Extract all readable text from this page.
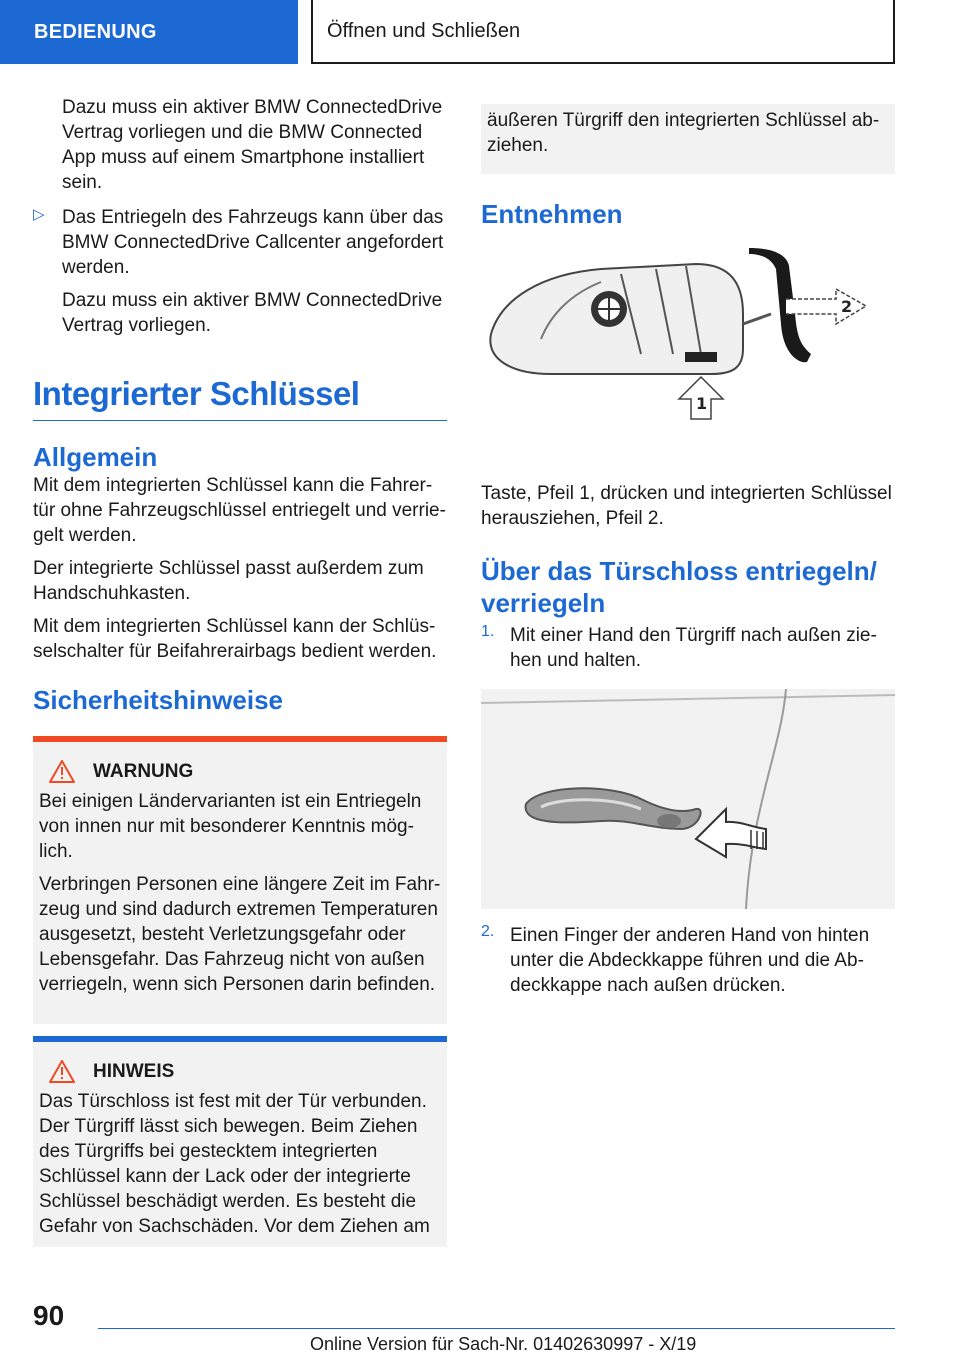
BEDIENUNG	Öffnen und Schließen

Dazu muss ein aktiver BMW ConnectedDrive Vertrag vorliegen und die BMW Connected App muss auf einem Smartphone installiert sein.

▷ Das Entriegeln des Fahrzeugs kann über das BMW ConnectedDrive Callcenter angefordert werden.

Dazu muss ein aktiver BMW ConnectedDrive Vertrag vorliegen.

Integrierter Schlüssel
Allgemein

Mit dem integrierten Schlüssel kann die Fahrertür ohne Fahrzeugschlüssel entriegelt und verriegelt werden.

Der integrierte Schlüssel passt außerdem zum Handschuhkasten.

Mit dem integrierten Schlüssel kann der Schlüsselschalter für Beifahrerairbags bedient werden.

Sicherheitshinweise
WARNUNG

Bei einigen Ländervarianten ist ein Entriegeln von innen nur mit besonderer Kenntnis möglich.

Verbringen Personen eine längere Zeit im Fahrzeug und sind dadurch extremen Temperaturen ausgesetzt, besteht Verletzungsgefahr oder Lebensgefahr. Das Fahrzeug nicht von außen verriegeln, wenn sich Personen darin befinden.

HINWEIS

Das Türschloss ist fest mit der Tür verbunden. Der Türgriff lässt sich bewegen. Beim Ziehen des Türgriffs bei gestecktem integrierten Schlüssel kann der Lack oder der integrierte Schlüssel beschädigt werden. Es besteht die Gefahr von Sachschäden. Vor dem Ziehen am

äußeren Türgriff den integrierten Schlüssel abziehen.

Entnehmen
2
1

Taste, Pfeil 1, drücken und integrierten Schlüssel herausziehen, Pfeil 2.

Über das Türschloss entriegeln/ verriegeln
1. Mit einer Hand den Türgriff nach außen ziehen und halten.

2. Einen Finger der anderen Hand von hinten unter die Abdeckkappe führen und die Abdeckkappe nach außen drücken.

90
Online Version für Sach-Nr. 01402630997 - X/19
